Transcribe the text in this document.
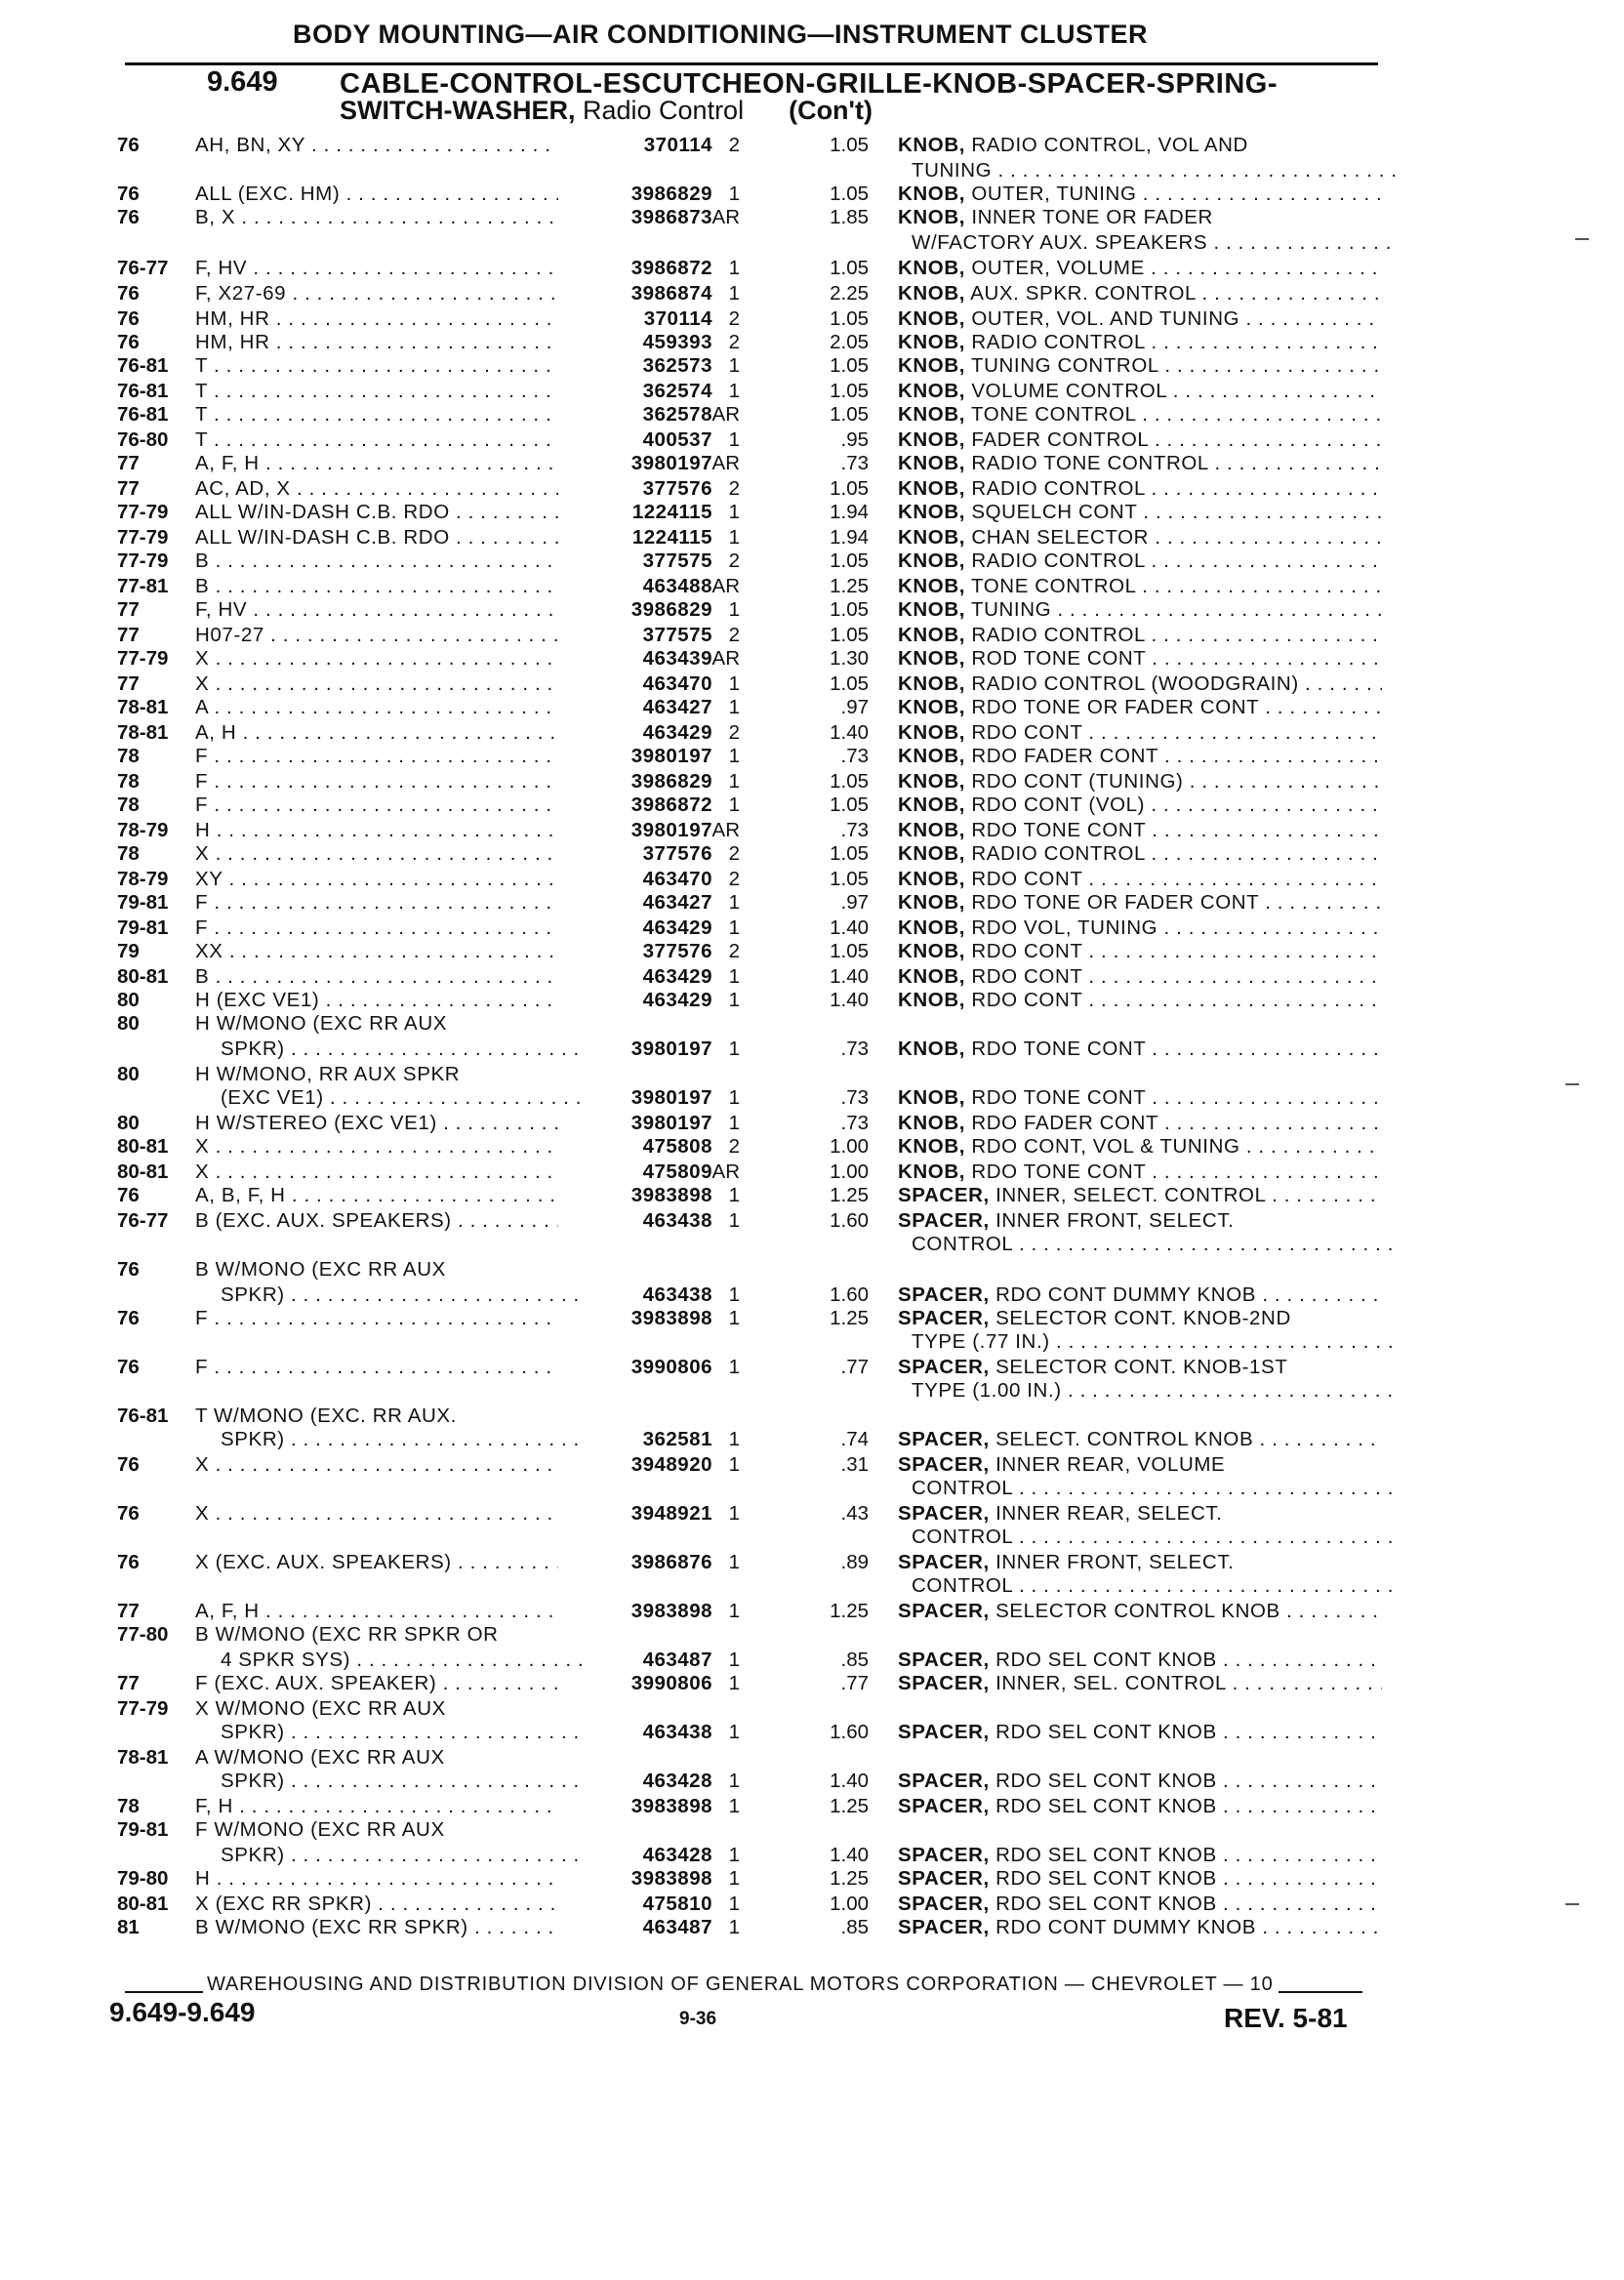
BODY MOUNTING—AIR CONDITIONING—INSTRUMENT CLUSTER
9.649 CABLE-CONTROL-ESCUTCHEON-GRILLE-KNOB-SPACER-SPRING-
SWITCH-WASHER, Radio Control (Con't)
76	AH, BN, XY . . .	370114 2	1.05 KNOB, RADIO CONTROL, VOL AND
TUNING . . .
76	ALL (EXC. HM) . . .	3986829 1	1.05 KNOB, OUTER, TUNING . . .
76	B, X . . .	3986873 AR	1.85 KNOB, INNER TONE OR FADER
W/FACTORY AUX. SPEAKERS . . .
76-77	F, HV . . .	3986872 1	1.05 KNOB, OUTER, VOLUME . . .
76	F, X27-69 . . .	3986874 1	2.25 KNOB, AUX. SPKR. CONTROL . . .
76	HM, HR . . .	370114 2	1.05 KNOB, OUTER, VOL. AND TUNING . . .
76	HM, HR . . .	459393 2	2.05 KNOB, RADIO CONTROL . . .
76-81	T . . .	362573 1	1.05 KNOB, TUNING CONTROL . . .
76-81	T . . .	362574 1	1.05 KNOB, VOLUME CONTROL . . .
76-81	T . . .	362578 AR	1.05 KNOB, TONE CONTROL . . .
76-80	T . . .	400537 1	.95 KNOB, FADER CONTROL . . .
77	A, F, H . . .	3980197 AR	.73 KNOB, RADIO TONE CONTROL . . .
77	AC, AD, X . . .	377576 2	1.05 KNOB, RADIO CONTROL . . .
77-79	ALL W/IN-DASH C.B. RDO . . .	1224115 1	1.94 KNOB, SQUELCH CONT . . .
77-79	ALL W/IN-DASH C.B. RDO . . .	1224115 1	1.94 KNOB, CHAN SELECTOR . . .
77-79	B . . .	377575 2	1.05 KNOB, RADIO CONTROL . . .
77-81	B . . .	463488 AR	1.25 KNOB, TONE CONTROL . . .
77	F, HV . . .	3986829 1	1.05 KNOB, TUNING . . .
77	H07-27 . . .	377575 2	1.05 KNOB, RADIO CONTROL . . .
77-79	X . . .	463439 AR	1.30 KNOB, ROD TONE CONT . . .
77	X . . .	463470 1	1.05 KNOB, RADIO CONTROL (WOODGRAIN) . . .
78-81	A . . .	463427 1	.97 KNOB, RDO TONE OR FADER CONT . . .
78-81	A, H . . .	463429 2	1.40 KNOB, RDO CONT . . .
78	F . . .	3980197 1	.73 KNOB, RDO FADER CONT . . .
78	F . . .	3986829 1	1.05 KNOB, RDO CONT (TUNING) . . .
78	F . . .	3986872 1	1.05 KNOB, RDO CONT (VOL) . . .
78-79	H . . .	3980197 AR	.73 KNOB, RDO TONE CONT . . .
78	X . . .	377576 2	1.05 KNOB, RADIO CONTROL . . .
78-79	XY . . .	463470 2	1.05 KNOB, RDO CONT . . .
79-81	F . . .	463427 1	.97 KNOB, RDO TONE OR FADER CONT . . .
79-81	F . . .	463429 1	1.40 KNOB, RDO VOL, TUNING . . .
79	XX . . .	377576 2	1.05 KNOB, RDO CONT . . .
80-81	B . . .	463429 1	1.40 KNOB, RDO CONT . . .
80	H (EXC VE1) . . .	463429 1	1.40 KNOB, RDO CONT . . .
80	H W/MONO (EXC RR AUX
SPKR) . . .	3980197 1	.73 KNOB, RDO TONE CONT . . .
80	H W/MONO, RR AUX SPKR
(EXC VE1) . . .	3980197 1	.73 KNOB, RDO TONE CONT . . .
80	H W/STEREO (EXC VE1) . . .	3980197 1	.73 KNOB, RDO FADER CONT . . .
80-81	X . . .	475808 2	1.00 KNOB, RDO CONT, VOL & TUNING . . .
80-81	X . . .	475809 AR	1.00 KNOB, RDO TONE CONT . . .
76	A, B, F, H . . .	3983898 1	1.25 SPACER, INNER, SELECT. CONTROL . . .
76-77	B (EXC. AUX. SPEAKERS) . . .	463438 1	1.60 SPACER, INNER FRONT, SELECT.
CONTROL . . .
76	B W/MONO (EXC RR AUX
SPKR) . . .	463438 1	1.60 SPACER, RDO CONT DUMMY KNOB . . .
76	F . . .	3983898 1	1.25 SPACER, SELECTOR CONT. KNOB-2ND
TYPE (.77 IN.) . . .
76	F . . .	3990806 1	.77 SPACER, SELECTOR CONT. KNOB-1ST
TYPE (1.00 IN.) . . .
76-81	T W/MONO (EXC. RR AUX.
SPKR) . . .	362581 1	.74 SPACER, SELECT. CONTROL KNOB . . .
76	X . . .	3948920 1	.31 SPACER, INNER REAR, VOLUME
CONTROL . . .
76	X . . .	3948921 1	.43 SPACER, INNER REAR, SELECT.
CONTROL . . .
76	X (EXC. AUX. SPEAKERS) . . .	3986876 1	.89 SPACER, INNER FRONT, SELECT.
CONTROL . . .
77	A, F, H . . .	3983898 1	1.25 SPACER, SELECTOR CONTROL KNOB . . .
77-80	B W/MONO (EXC RR SPKR OR
4 SPKR SYS) . . .	463487 1	.85 SPACER, RDO SEL CONT KNOB . . .
77	F (EXC. AUX. SPEAKER) . . .	3990806 1	.77 SPACER, INNER, SEL. CONTROL . . .
77-79	X W/MONO (EXC RR AUX
SPKR) . . .	463438 1	1.60 SPACER, RDO SEL CONT KNOB . . .
78-81	A W/MONO (EXC RR AUX
SPKR) . . .	463428 1	1.40 SPACER, RDO SEL CONT KNOB . . .
78	F, H . . .	3983898 1	1.25 SPACER, RDO SEL CONT KNOB . . .
79-81	F W/MONO (EXC RR AUX
SPKR) . . .	463428 1	1.40 SPACER, RDO SEL CONT KNOB . . .
79-80	H . . .	3983898 1	1.25 SPACER, RDO SEL CONT KNOB . . .
80-81	X (EXC RR SPKR) . . .	475810 1	1.00 SPACER, RDO SEL CONT KNOB . . .
81	B W/MONO (EXC RR SPKR) . . .	463487 1	.85 SPACER, RDO CONT DUMMY KNOB . . .
WAREHOUSING AND DISTRIBUTION DIVISION OF GENERAL MOTORS CORPORATION — CHEVROLET — 10
9.649-9.649	9-36	REV. 5-81
